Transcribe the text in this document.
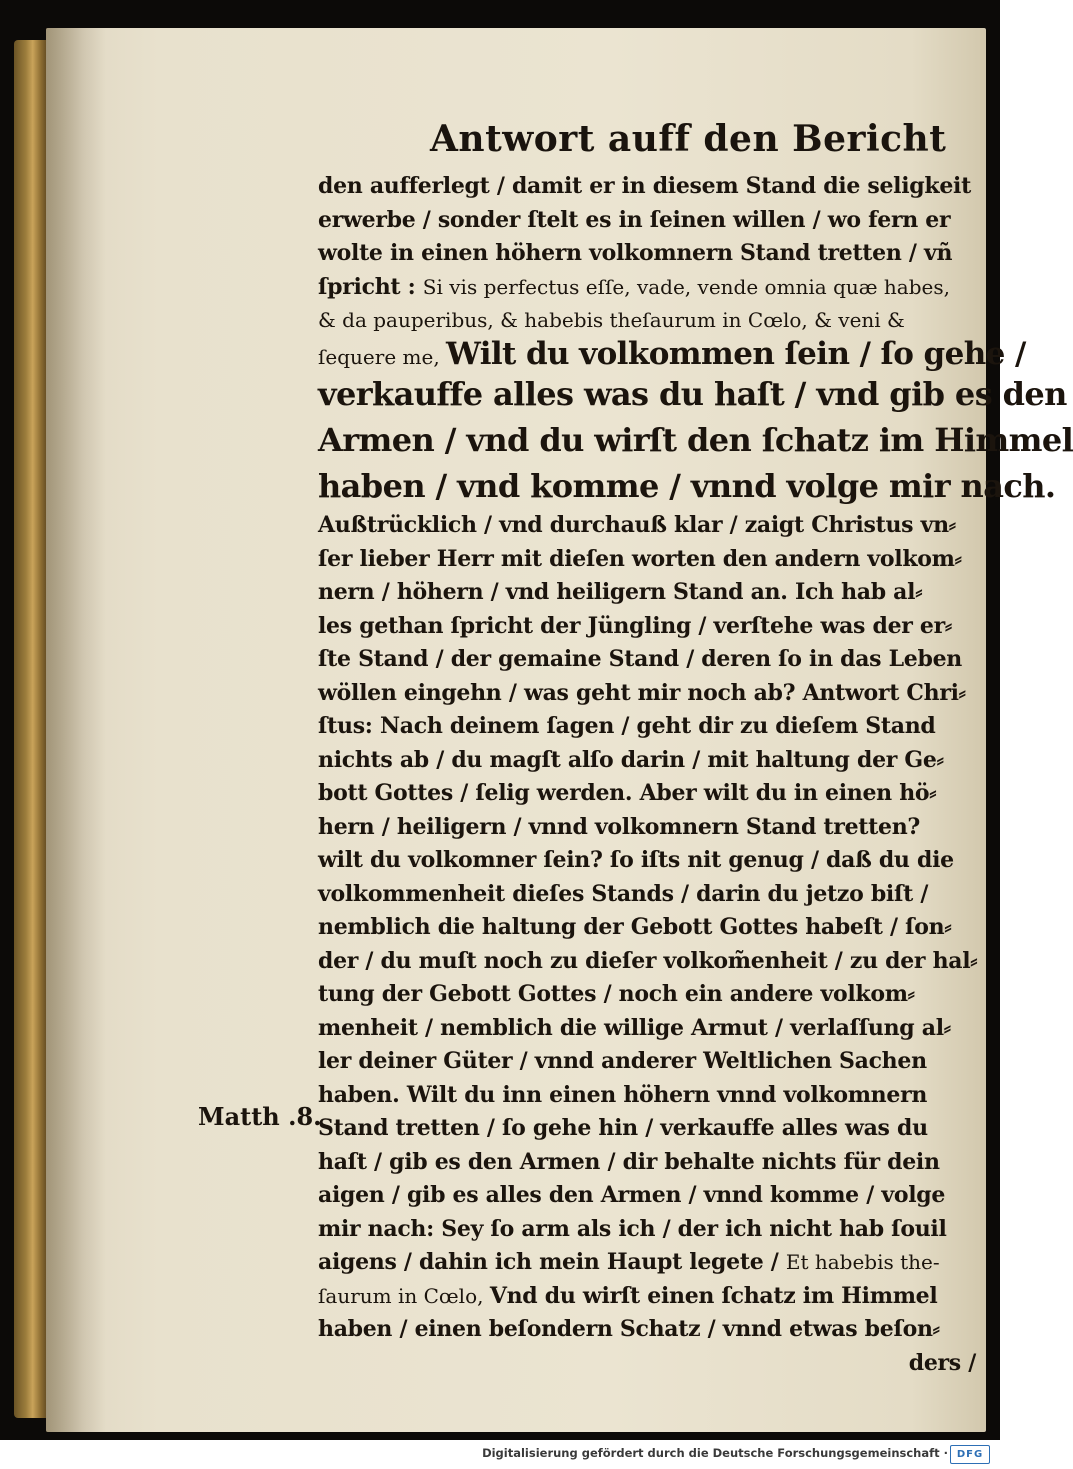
Antwort auff den Bericht
Matth .8.
den aufferlegt / damit er in diesem Stand die seligkeit
erwerbe / sonder ſtelt es in ſeinen willen / wo fern er
wolte in einen höhern volkomnern Stand tretten / vñ
ſpricht : Si vis perfectus eſſe, vade, vende omnia quæ habes,
& da pauperibus, & habebis theſaurum in Cœlo, & veni &
ſequere me, Wilt du volkommen ſein / ſo gehe /
verkauffe alles was du haſt / vnd gib es den
Armen / vnd du wirſt den ſchatz im Himmel
haben / vnd komme / vnnd volge mir nach.
Außtrücklich / vnd durchauß klar / zaigt Christus vn⸗
ſer lieber Herr mit dieſen worten den andern volkom⸗
nern / höhern / vnd heiligern Stand an. Ich hab al⸗
les gethan ſpricht der Jüngling / verſtehe was der er⸗
ſte Stand / der gemaine Stand / deren ſo in das Leben
wöllen eingehn / was geht mir noch ab? Antwort Chri⸗
ſtus: Nach deinem ſagen / geht dir zu dieſem Stand
nichts ab / du magſt alſo darin / mit haltung der Ge⸗
bott Gottes / ſelig werden. Aber wilt du in einen hö⸗
hern / heiligern / vnnd volkomnern Stand tretten?
wilt du volkomner ſein? ſo iſts nit genug / daß du die
volkommenheit dieſes Stands / darin du jetzo biſt /
nemblich die haltung der Gebott Gottes habeſt / ſon⸗
der / du muſt noch zu dieſer volkom̃enheit / zu der hal⸗
tung der Gebott Gottes / noch ein andere volkom⸗
menheit / nemblich die willige Armut / verlaſſung al⸗
ler deiner Güter / vnnd anderer Weltlichen Sachen
haben. Wilt du inn einen höhern vnnd volkomnern
Stand tretten / ſo gehe hin / verkauffe alles was du
haſt / gib es den Armen / dir behalte nichts für dein
aigen / gib es alles den Armen / vnnd komme / volge
mir nach: Sey ſo arm als ich / der ich nicht hab ſouil
aigens / dahin ich mein Haupt legete / Et habebis the-
ſaurum in Cœlo, Vnd du wirſt einen ſchatz im Himmel
haben / einen beſondern Schatz / vnnd etwas beſon⸗
ders /
Digitalisierung gefördert durch die Deutsche Forschungsgemeinschaft · DFG
